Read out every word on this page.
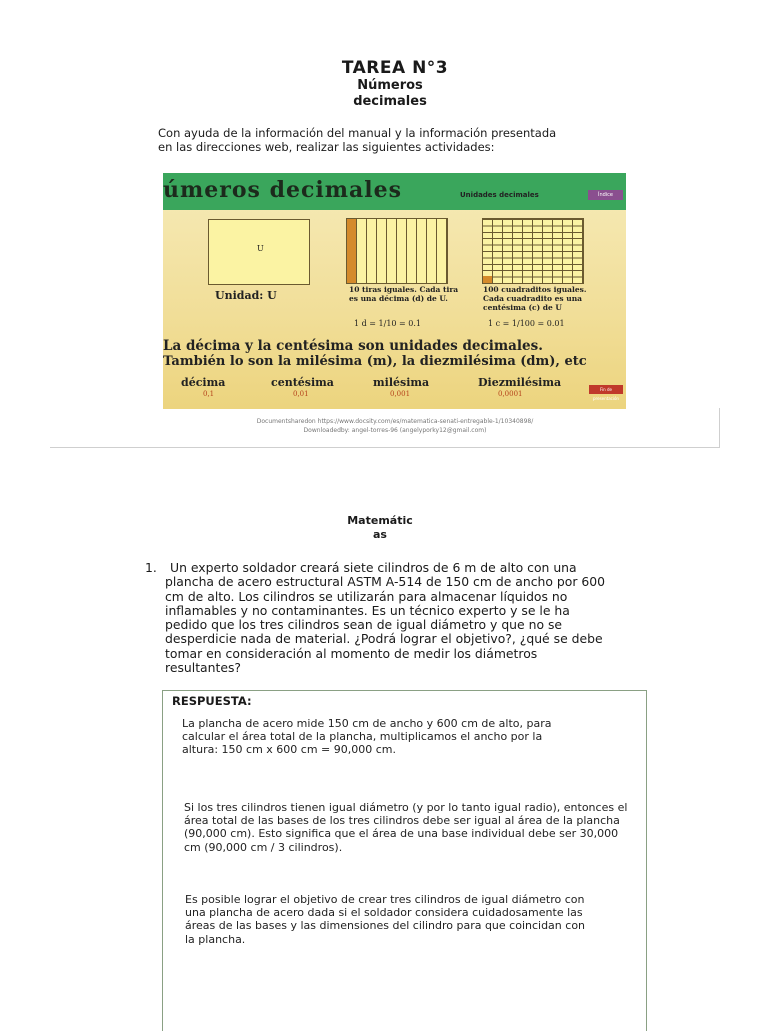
TAREA N°3
Números
decimales
Con ayuda de la información del manual y la información presentada en las direcciones web, realizar las siguientes actividades:
úmeros decimales	Unidades decimales	Índice
U
Unidad: U	10 tiras iguales. Cada tira es una décima (d) de U.
100 cuadraditos iguales. Cada cuadradito es una centésima (c) de U
1 d = 1/10 = 0.1	1 c = 1/100 = 0.01
La décima y la centésima son unidades decimales.
También lo son la milésima (m), la diezmilésima (dm), etc
décima
0,1
centésima
0,01
milésima
0,001
Diezmilésima
0,0001
Fin de presentación
Documentsharedon https://www.docsity.com/es/matematica-senati-entregable-1/10340898/
Downloadedby: angel-torres-96 (angelyporky12@gmail.com)
Matemátic
as
1.	Un experto soldador creará siete cilindros de 6 m de alto con una plancha de acero estructural ASTM A-514 de 150 cm de ancho por 600 cm de alto. Los cilindros se utilizarán para almacenar líquidos no inflamables y no contaminantes. Es un técnico experto y se le ha pedido que los tres cilindros sean de igual diámetro y que no se desperdicie nada de material. ¿Podrá lograr el objetivo?, ¿qué se debe tomar en consideración al momento de medir los diámetros resultantes?
RESPUESTA:
La plancha de acero mide 150 cm de ancho y 600 cm de alto, para calcular el área total de la plancha, multiplicamos el ancho por la altura: 150 cm x 600 cm = 90,000 cm.
Si los tres cilindros tienen igual diámetro (y por lo tanto igual radio), entonces el área total de las bases de los tres cilindros debe ser igual al área de la plancha (90,000 cm). Esto significa que el área de una base individual debe ser 30,000 cm (90,000 cm / 3 cilindros).
Es posible lograr el objetivo de crear tres cilindros de igual diámetro con una plancha de acero dada si el soldador considera cuidadosamente las áreas de las bases y las dimensiones del cilindro para que coincidan con la plancha.
